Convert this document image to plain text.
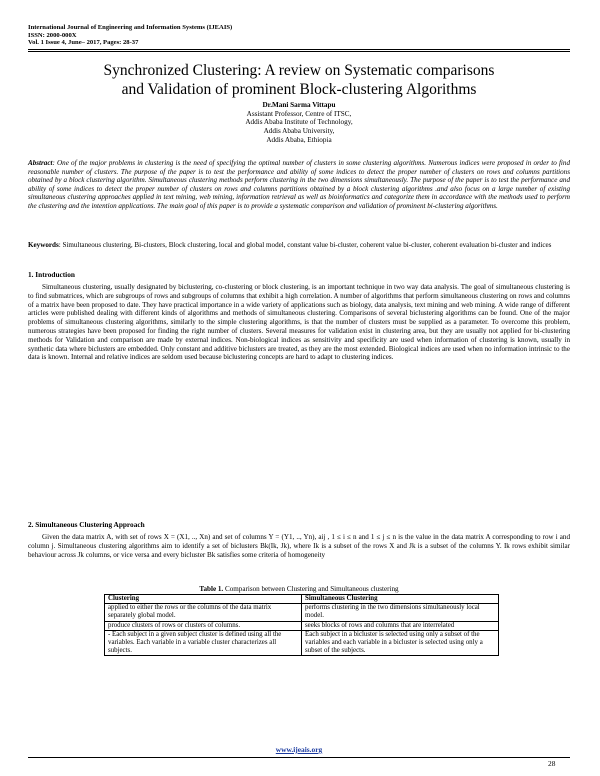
International Journal of Engineering and Information Systems (IJEAIS)
ISSN: 2000-000X
Vol. 1 Issue 4, June– 2017, Pages: 28-37
Synchronized Clustering: A review on Systematic comparisons
and Validation of prominent Block-clustering Algorithms
Dr.Mani Sarma Vittapu
Assistant Professor, Centre of ITSC,
Addis Ababa Institute of Technology,
Addis Ababa University,
Addis Ababa, Ethiopia
Abstract: One of the major problems in clustering is the need of specifying the optimal number of clusters in some clustering algorithms. Numerous indices were proposed in order to find reasonable number of clusters. The purpose of the paper is to test the performance and ability of some indices to detect the proper number of clusters on rows and columns partitions obtained by a block clustering algorithm. Simultaneous clustering methods perform clustering in the two dimensions simultaneously. The purpose of the paper is to test the performance and ability of some indices to detect the proper number of clusters on rows and columns partitions obtained by a block clustering algorithms .and also focus on a large number of existing simultaneous clustering approaches applied in text mining, web mining, information retrieval as well as bioinformatics and categorize them in accordance with the methods used to perform the clustering and the intention applications. The main goal of this paper is to provide a systematic comparison and validation of prominent bi-clustering algorithms.
Keywords: Simultaneous clustering, Bi-clusters, Block clustering, local and global model, constant value bi-cluster, coherent value bi-cluster, coherent evaluation bi-cluster and indices
1. Introduction
Simultaneous clustering, usually designated by biclustering, co-clustering or block clustering, is an important technique in two way data analysis. The goal of simultaneous clustering is to find submatrices, which are subgroups of rows and subgroups of columns that exhibit a high correlation. A number of algorithms that perform simultaneous clustering on rows and columns of a matrix have been proposed to date. They have practical importance in a wide variety of applications such as biology, data analysis, text mining and web mining. A wide range of different articles were published dealing with different kinds of algorithms and methods of simultaneous clustering. Comparisons of several biclustering algorithms can be found. One of the major problems of simultaneous clustering algorithms, similarly to the simple clustering algorithms, is that the number of clusters must be supplied as a parameter. To overcome this problem, numerous strategies have been proposed for finding the right number of clusters. Several measures for validation exist in clustering area, but they are usually not applied for bi-clustering methods for Validation and comparison are made by external indices. Non-biological indices as sensitivity and specificity are used when information of clustering is known, usually in synthetic data where biclusters are embedded. Only constant and additive biclusters are treated, as they are the most extended. Biological indices are used when no information intrinsic to the data is known. Internal and relative indices are seldom used because biclustering concepts are hard to adapt to clustering indices.
2. Simultaneous Clustering Approach
Given the data matrix A, with set of rows X = (X1, .., Xn) and set of columns Y = (Y1, .., Yn), aij , 1 ≤ i ≤ n and 1 ≤ j ≤ n is the value in the data matrix A corresponding to row i and column j. Simultaneous clustering algorithms aim to identify a set of biclusters Bk(Ik, Jk), where Ik is a subset of the rows X and Jk is a subset of the columns Y. Ik rows exhibit similar behaviour across Jk columns, or vice versa and every bicluster Bk satisfies some criteria of homogeneity
Table 1. Comparison between Clustering and Simultaneous clustering
Clustering	Simultaneous Clustering
applied to either the rows or the columns of the data matrix separately global model.	performs clustering in the two dimensions simultaneously local model.
produce clusters of rows or clusters of columns.	seeks blocks of rows and columns that are interrelated
- Each subject in a given subject cluster is defined using all the variables. Each variable in a variable cluster characterizes all subjects.	Each subject in a bicluster is selected using only a subset of the variables and each variable in a bicluster is selected using only a subset of the subjects.
www.ijeais.org
28
